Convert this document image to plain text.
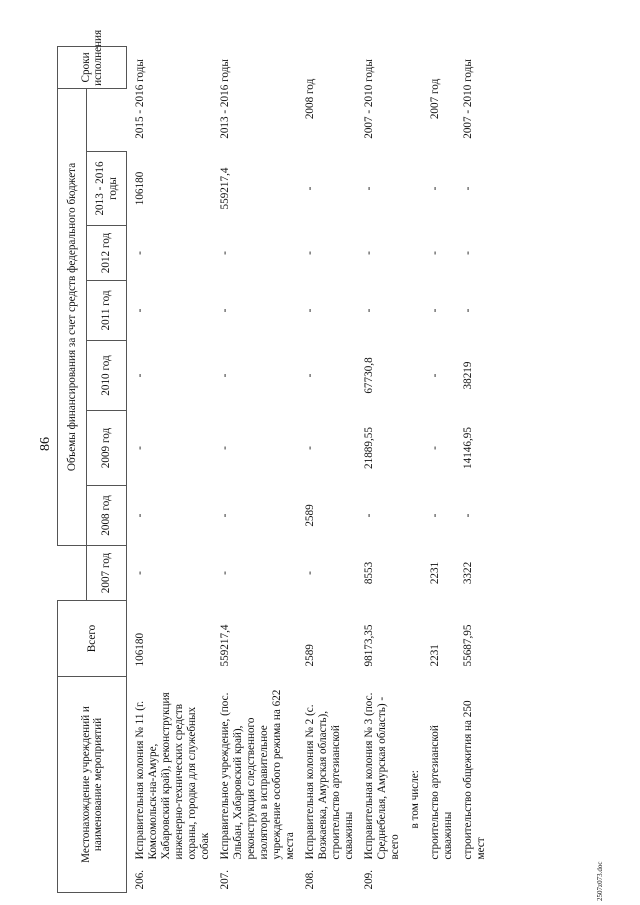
86
Местонахождение учреждений и наименование мероприятий		Всего		Объемы финансирования за счет средств федерального бюджета							Сроки исполнения
			2007 год	2008 год	2009 год	2010 год	2011 год	2012 год	2013 - 2016 годы		
206.	Исправительная колония № 11 (г. Комсомольск-на-Амуре, Хабаровский край), реконструкция инженерно-технических средств охраны, городка для служебных собак	106180	-	-	-	-	-	-	106180	2015 - 2016 годы	
207.	Исправительное учреждение, (пос. Эльбан, Хабаровский край), реконструкция следственного изолятора в исправительное учреждение особого режима на 622 места	559217,4	-	-	-	-	-	-	559217,4	2013 - 2016 годы	
208.	Исправительная колония № 2 (с. Возжаевка, Амурская область), строительство артезианской скважины	2589	-	2589	-	-	-	-	-	2008 год	
209.	Исправительная колония № 3 (пос. Среднебелая, Амурская область) - всего	98173,35	8553	-	21889,55	67730,8	-	-	-	2007 - 2010 годы	
	в том числе:										
	строительство артезианской скважины	2231	2231	-	-	-	-	-	-	2007 год	
	строительство общежития на 250 мест	55687,95	3322	-	14146,95	38219	-	-	-	2007 - 2010 годы	
2507z073.doc
